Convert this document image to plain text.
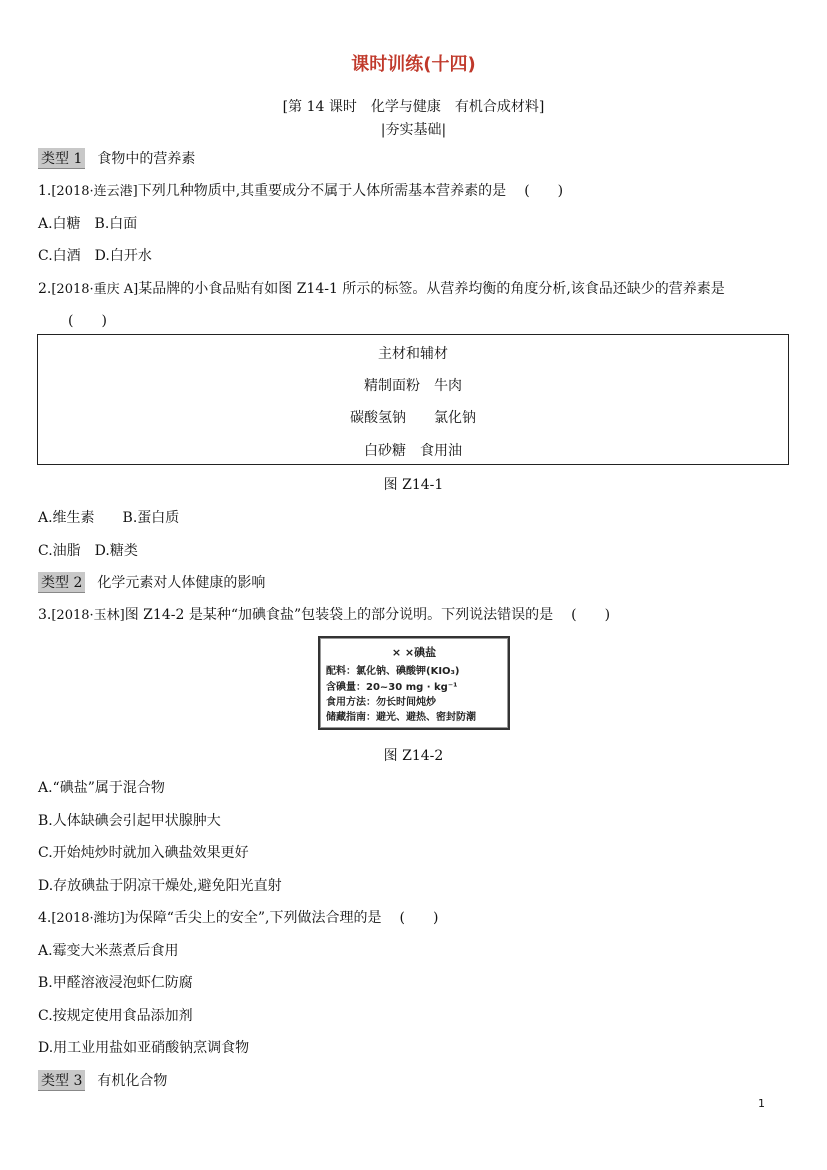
课时训练(十四)
[第 14 课时　化学与健康　有机合成材料]
|夯实基础|
类型 1 食物中的营养素
1.[2018·连云港]下列几种物质中,其重要成分不属于人体所需基本营养素的是 (　　)
A.白糖　B.白面
C.白酒　D.白开水
2.[2018·重庆 A]某品牌的小食品贴有如图 Z14-1 所示的标签。从营养均衡的角度分析,该食品还缺少的营养素是
(　　)
主材和辅材
精制面粉　牛肉
碳酸氢钠　　氯化钠
白砂糖　食用油
图 Z14-1
A.维生素　　B.蛋白质
C.油脂　D.糖类
类型 2 化学元素对人体健康的影响
3.[2018·玉林]图 Z14-2 是某种“加碘食盐”包装袋上的部分说明。下列说法错误的是 (　　)
× ×碘盐
配料：氯化钠、碘酸钾(KIO₃)
含碘量：20~30 mg · kg⁻¹
食用方法：勿长时间炖炒
储藏指南：避光、避热、密封防潮
图 Z14-2
A.“碘盐”属于混合物
B.人体缺碘会引起甲状腺肿大
C.开始炖炒时就加入碘盐效果更好
D.存放碘盐于阴凉干燥处,避免阳光直射
4.[2018·潍坊]为保障“舌尖上的安全”,下列做法合理的是 (　　)
A.霉变大米蒸煮后食用
B.甲醛溶液浸泡虾仁防腐
C.按规定使用食品添加剂
D.用工业用盐如亚硝酸钠烹调食物
类型 3 有机化合物
1
